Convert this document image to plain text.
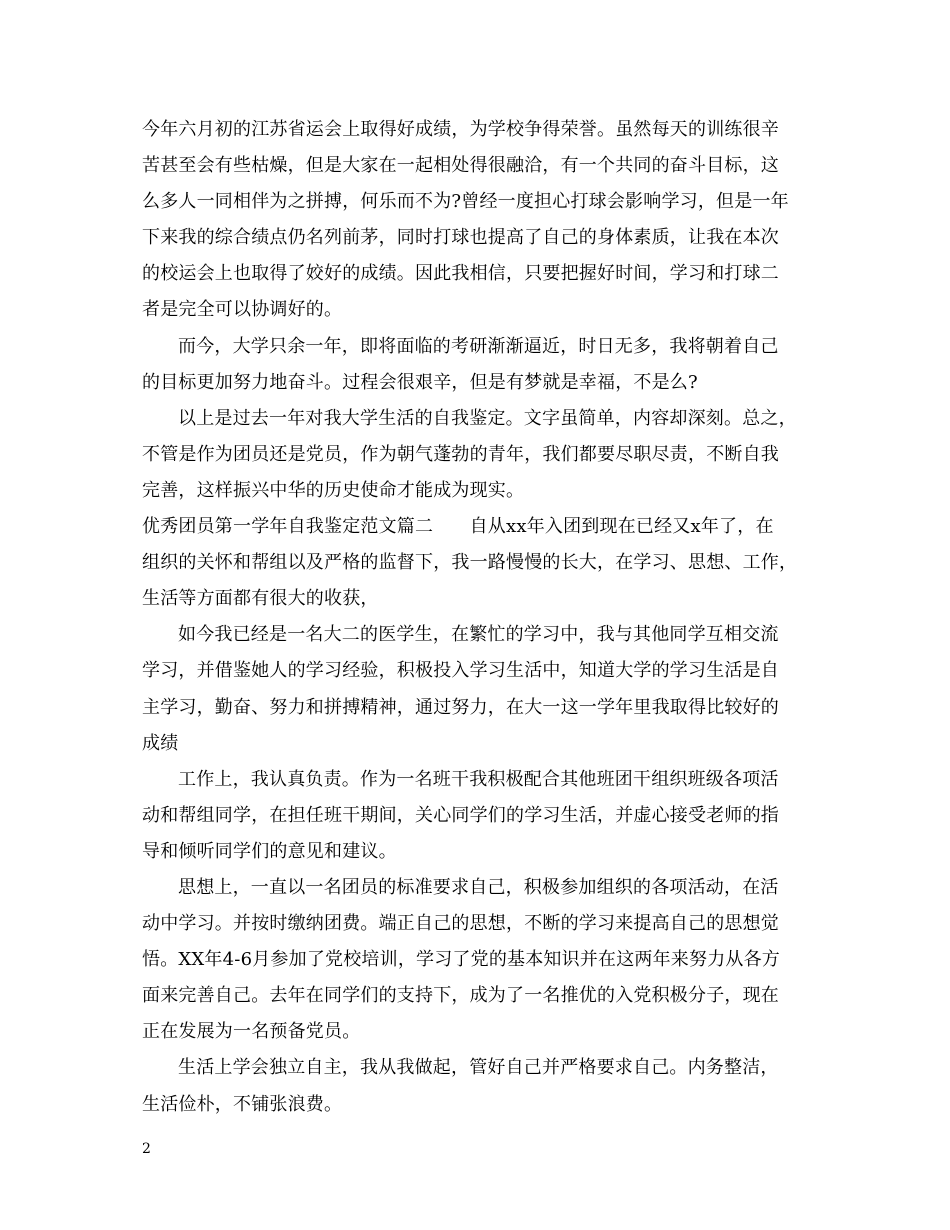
今年六月初的江苏省运会上取得好成绩，为学校争得荣誉。虽然每天的训练很辛
苦甚至会有些枯燥，但是大家在一起相处得很融洽，有一个共同的奋斗目标，这
么多人一同相伴为之拼搏，何乐而不为?曾经一度担心打球会影响学习，但是一年
下来我的综合绩点仍名列前茅，同时打球也提高了自己的身体素质，让我在本次
的校运会上也取得了姣好的成绩。因此我相信，只要把握好时间，学习和打球二
者是完全可以协调好的。
而今，大学只余一年，即将面临的考研渐渐逼近，时日无多，我将朝着自己
的目标更加努力地奋斗。过程会很艰辛，但是有梦就是幸福，不是么?
以上是过去一年对我大学生活的自我鉴定。文字虽简单，内容却深刻。总之，
不管是作为团员还是党员，作为朝气蓬勃的青年，我们都要尽职尽责，不断自我
完善，这样振兴中华的历史使命才能成为现实。
优秀团员第一学年自我鉴定范文篇二　　自从xx年入团到现在已经又x年了，在
组织的关怀和帮组以及严格的监督下，我一路慢慢的长大，在学习、思想、工作，
生活等方面都有很大的收获，
如今我已经是一名大二的医学生，在繁忙的学习中，我与其他同学互相交流
学习，并借鉴她人的学习经验，积极投入学习生活中，知道大学的学习生活是自
主学习，勤奋、努力和拼搏精神，通过努力，在大一这一学年里我取得比较好的
成绩
工作上，我认真负责。作为一名班干我积极配合其他班团干组织班级各项活
动和帮组同学，在担任班干期间，关心同学们的学习生活，并虚心接受老师的指
导和倾听同学们的意见和建议。
思想上，一直以一名团员的标准要求自己，积极参加组织的各项活动，在活
动中学习。并按时缴纳团费。端正自己的思想，不断的学习来提高自己的思想觉
悟。XX年4-6月参加了党校培训，学习了党的基本知识并在这两年来努力从各方
面来完善自己。去年在同学们的支持下，成为了一名推优的入党积极分子，现在
正在发展为一名预备党员。
生活上学会独立自主，我从我做起，管好自己并严格要求自己。内务整洁，
生活俭朴，不铺张浪费。
2
